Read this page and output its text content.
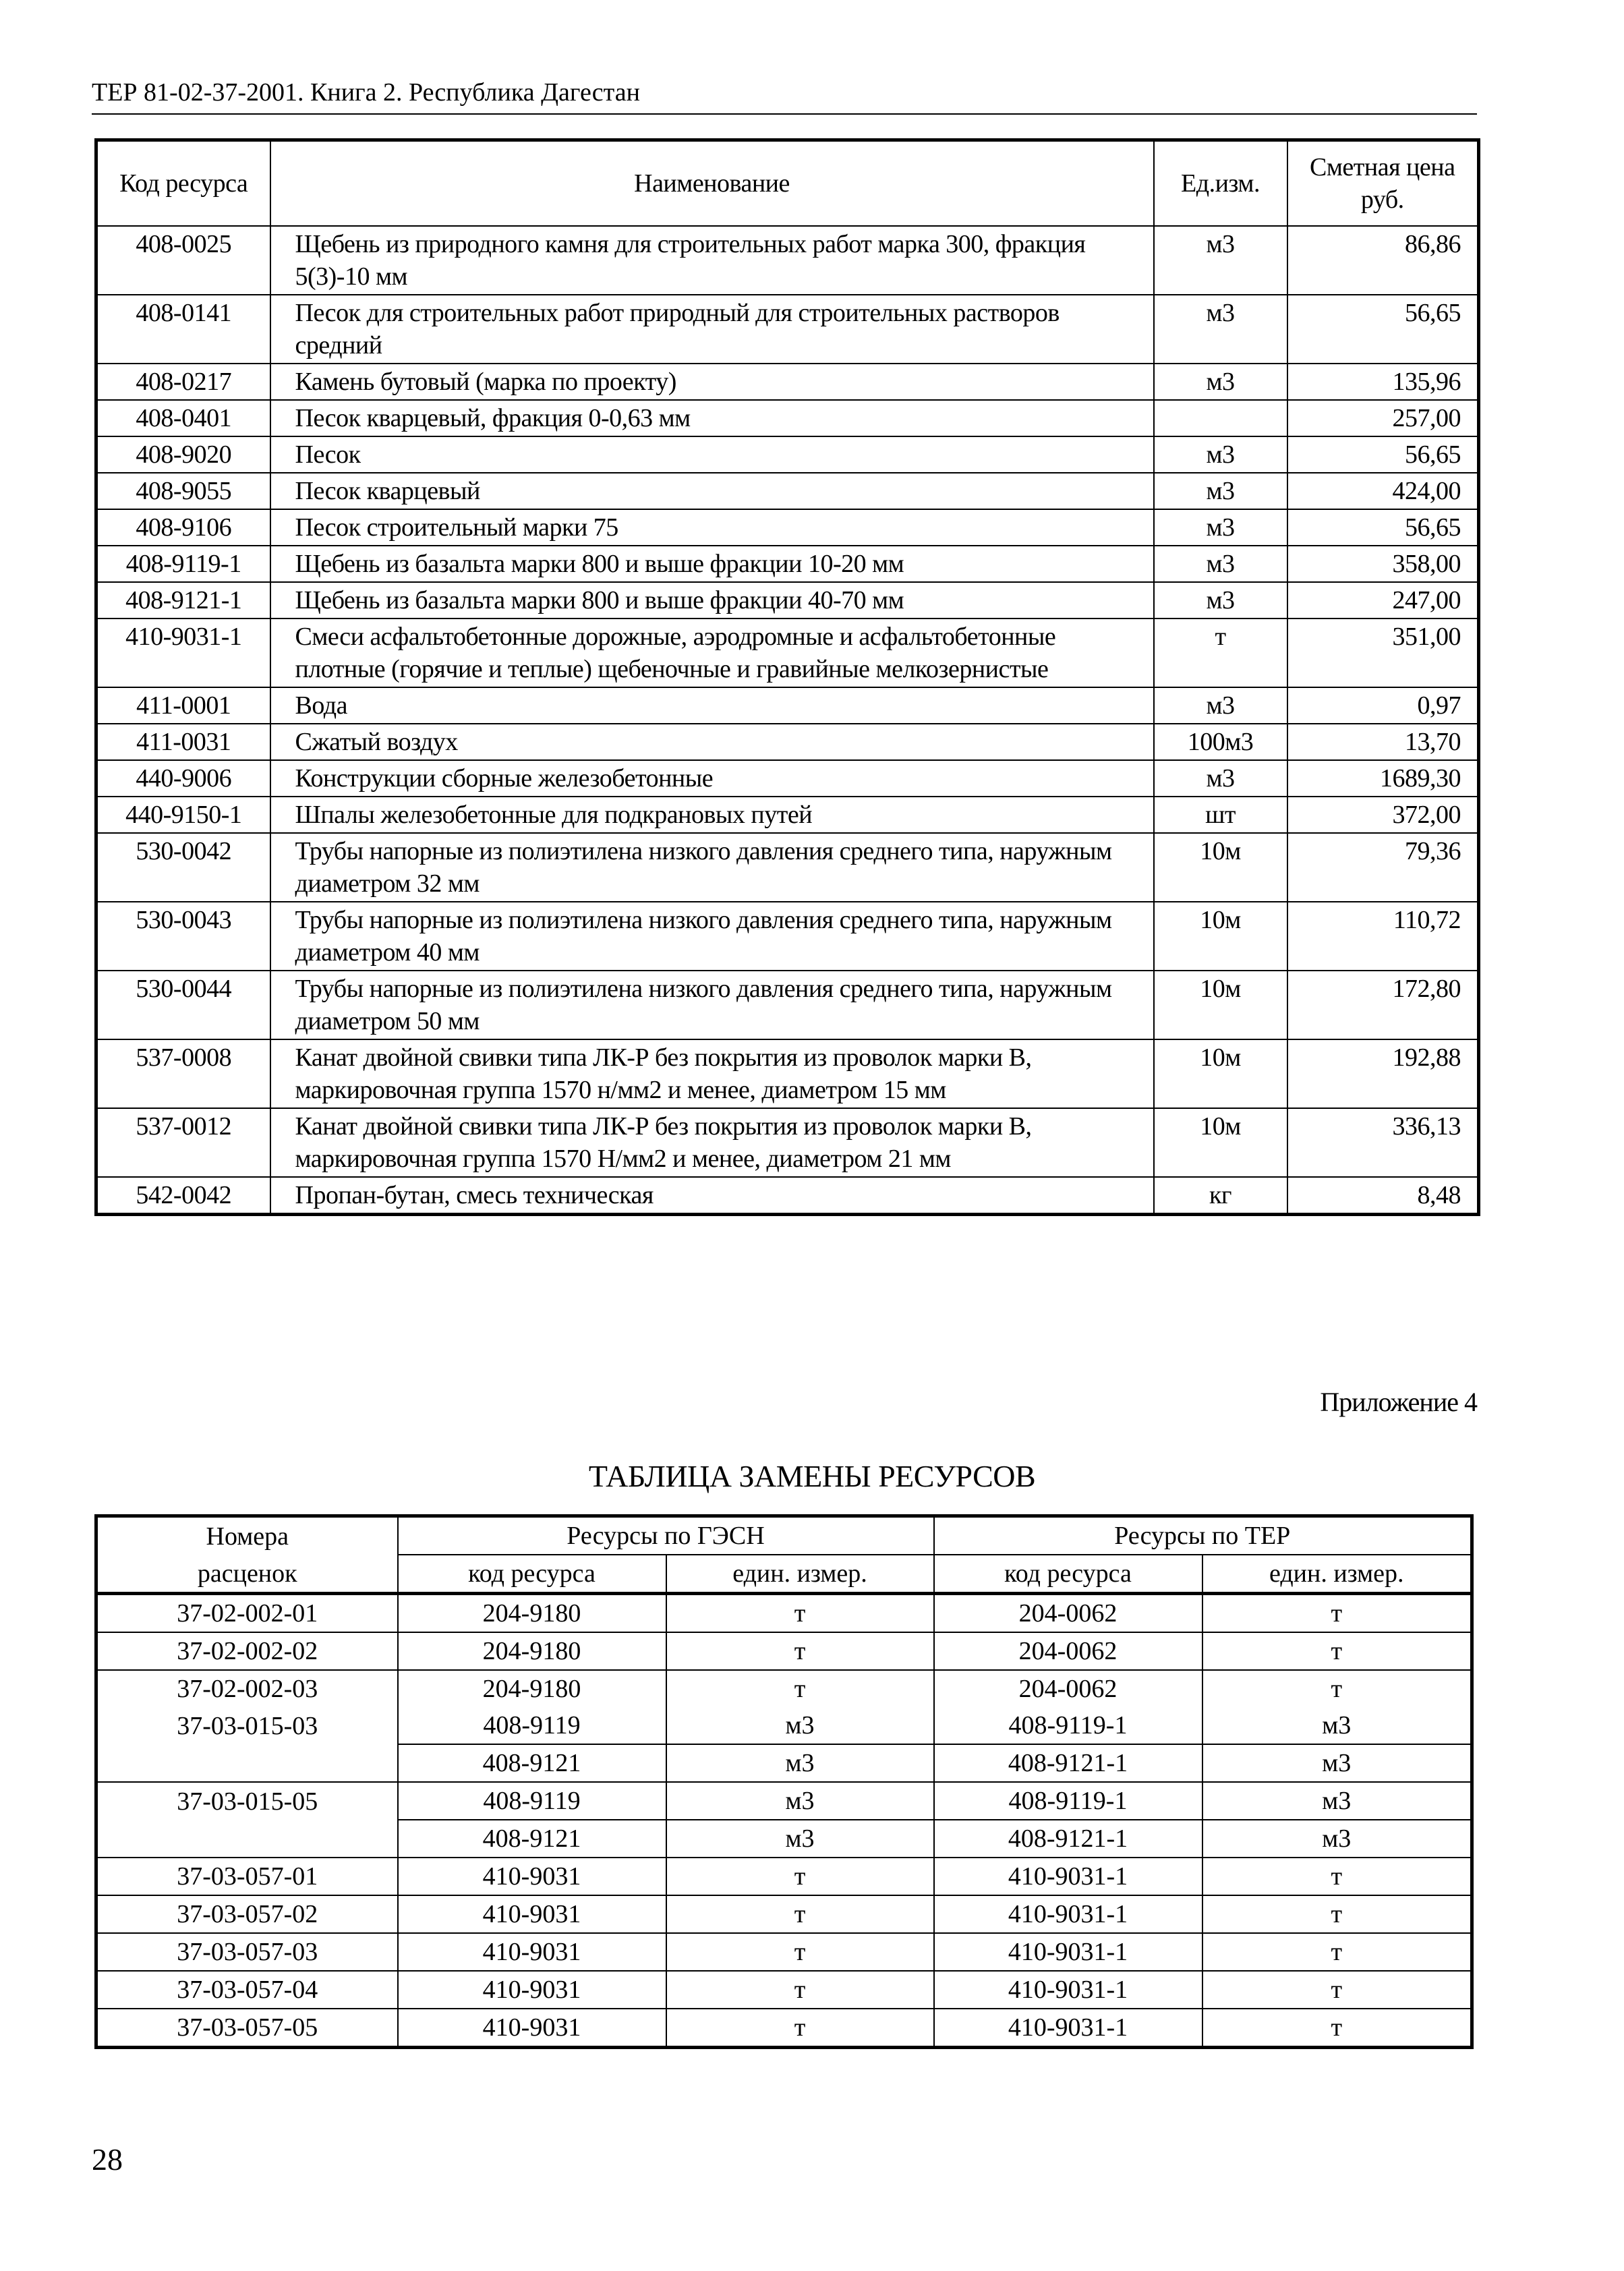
ТЕР 81-02-37-2001. Книга 2. Республика Дагестан
Код ресурса	Наименование	Ед.изм.	Сметная цена
руб.
408-0025	Щебень из природного камня для строительных работ марка 300, фракция 5(3)-10 мм	м3	86,86
408-0141	Песок для строительных работ природный для строительных растворов средний	м3	56,65
408-0217	Камень бутовый (марка по проекту)	м3	135,96
408-0401	Песок кварцевый, фракция 0-0,63 мм		257,00
408-9020	Песок	м3	56,65
408-9055	Песок кварцевый	м3	424,00
408-9106	Песок строительный марки 75	м3	56,65
408-9119-1	Щебень из базальта марки 800 и выше фракции 10-20 мм	м3	358,00
408-9121-1	Щебень из базальта марки 800 и выше фракции 40-70 мм	м3	247,00
410-9031-1	Смеси асфальтобетонные дорожные, аэродромные и асфальтобетонные плотные (горячие и теплые) щебеночные и гравийные мелкозернистые	т	351,00
411-0001	Вода	м3	0,97
411-0031	Сжатый воздух	100м3	13,70
440-9006	Конструкции сборные железобетонные	м3	1689,30
440-9150-1	Шпалы железобетонные для подкрановых путей	шт	372,00
530-0042	Трубы напорные из полиэтилена низкого давления среднего типа, наружным диаметром 32 мм	10м	79,36
530-0043	Трубы напорные из полиэтилена низкого давления среднего типа, наружным диаметром 40 мм	10м	110,72
530-0044	Трубы напорные из полиэтилена низкого давления среднего типа, наружным диаметром 50 мм	10м	172,80
537-0008	Канат двойной свивки типа ЛК-Р без покрытия из проволок марки В, маркировочная группа 1570 н/мм2 и менее, диаметром 15 мм	10м	192,88
537-0012	Канат двойной свивки типа ЛК-Р без покрытия из проволок марки В, маркировочная группа 1570 Н/мм2 и менее, диаметром 21 мм	10м	336,13
542-0042	Пропан-бутан, смесь техническая	кг	8,48
Приложение 4
ТАБЛИЦА ЗАМЕНЫ РЕСУРСОВ
Номера	Ресурсы по ГЭСН		Ресурсы по ТЕР	
расценок	код ресурса	един. измер.	код ресурса	един. измер.
37-02-002-01	204-9180	т	204-0062	т
37-02-002-02	204-9180	т	204-0062	т
37-02-002-03	204-9180	т	204-0062	т
37-03-015-03	408-9119	м3	408-9119-1	м3
	408-9121	м3	408-9121-1	м3
37-03-015-05	408-9119	м3	408-9119-1	м3
	408-9121	м3	408-9121-1	м3
37-03-057-01	410-9031	т	410-9031-1	т
37-03-057-02	410-9031	т	410-9031-1	т
37-03-057-03	410-9031	т	410-9031-1	т
37-03-057-04	410-9031	т	410-9031-1	т
37-03-057-05	410-9031	т	410-9031-1	т
28
